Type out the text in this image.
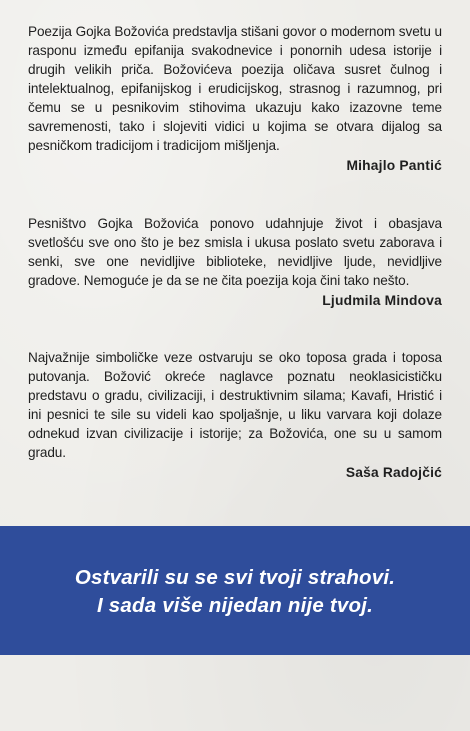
Poezija Gojka Božovića predstavlja stišani govor o modernom svetu u rasponu između epifanija svakodnevice i ponornih udesa istorije i drugih velikih priča. Božovićeva poezija oličava susret čulnog i intelektualnog, epifanijskog i erudicijskog, strasnog i razumnog, pri čemu se u pesnikovim stihovima ukazuju kako izazovne teme savremenosti, tako i slojeviti vidici u kojima se otvara dijalog sa pesničkom tradicijom i tradicijom mišljenja.

Mihajlo Pantić

Pesništvo Gojka Božovića ponovo udahnjuje život i obasjava svetlošću sve ono što je bez smisla i ukusa poslato svetu zaborava i senki, sve one nevidljive biblioteke, nevidljive ljude, nevidljive gradove. Nemoguće je da se ne čita poezija koja čini tako nešto.

Ljudmila Mindova

Najvažnije simboličke veze ostvaruju se oko toposa grada i toposa putovanja. Božović okreće naglavce poznatu neoklasicističku predstavu o gradu, civilizaciji, i destruktivnim silama; Kavafi, Hristić i ini pesnici te sile su videli kao spoljašnje, u liku varvara koji dolaze odnekud izvan civilizacije i istorije; za Božovića, one su u samom gradu.

Saša Radojčić
Ostvarili su se svi tvoji strahovi.
I sada više nijedan nije tvoj.
